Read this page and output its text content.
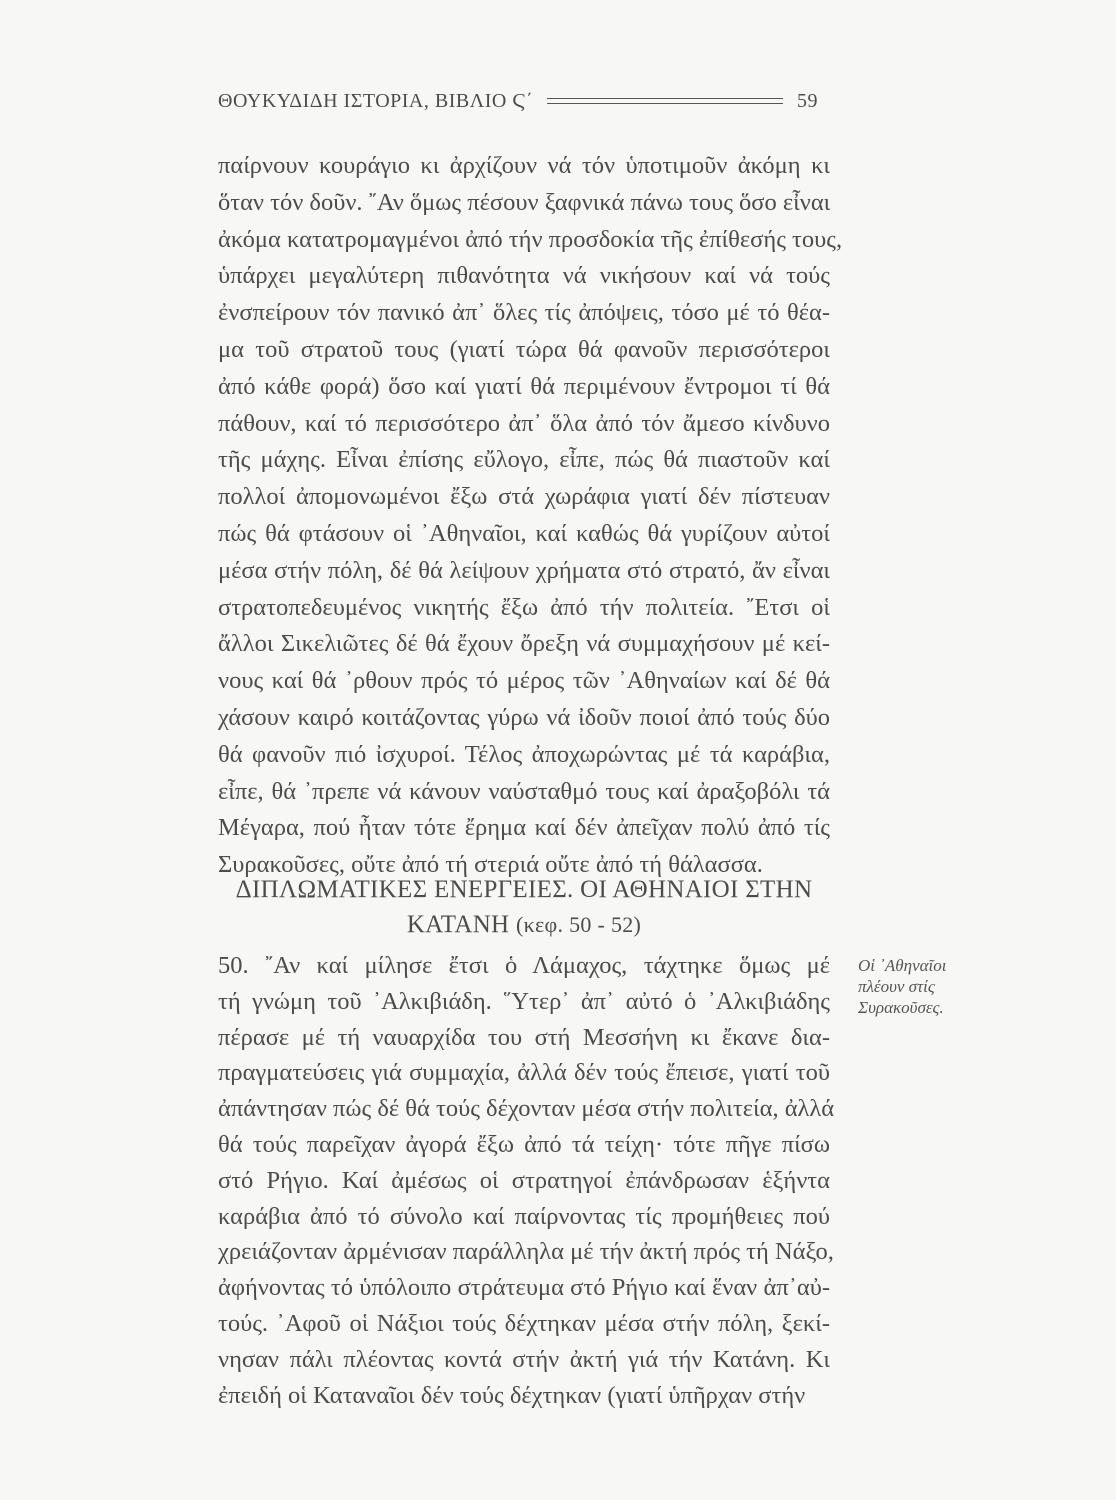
ΘΟΥΚΥΔΙΔΗ ΙΣΤΟΡΙΑ, ΒΙΒΛΙΟ Ϛ΄	59
παίρνουν κουράγιο κι ἀρχίζουν νά τόν ὑποτιμοῦν ἀκόμη κι
ὅταν τόν δοῦν. ῎Αν ὅμως πέσουν ξαφνικά πάνω τους ὅσο εἶναι
ἀκόμα κατατρομαγμένοι ἀπό τήν προσδοκία τῆς ἐπίθεσής τους,
ὑπάρχει μεγαλύτερη πιθανότητα νά νικήσουν καί νά τούς
ἐνσπείρουν τόν πανικό ἀπ᾿ ὅλες τίς ἀπόψεις, τόσο μέ τό θέα-
μα τοῦ στρατοῦ τους (γιατί τώρα θά φανοῦν περισσότεροι
ἀπό κάθε φορά) ὅσο καί γιατί θά περιμένουν ἔντρομοι τί θά
πάθουν, καί τό περισσότερο ἀπ᾿ ὅλα ἀπό τόν ἄμεσο κίνδυνο
τῆς μάχης. Εἶναι ἐπίσης εὔλογο, εἶπε, πώς θά πιαστοῦν καί
πολλοί ἀπομονωμένοι ἔξω στά χωράφια γιατί δέν πίστευαν
πώς θά φτάσουν οἱ ᾿Αθηναῖοι, καί καθώς θά γυρίζουν αὐτοί
μέσα στήν πόλη, δέ θά λείψουν χρήματα στό στρατό, ἄν εἶναι
στρατοπεδευμένος νικητής ἔξω ἀπό τήν πολιτεία. ῎Ετσι οἱ
ἄλλοι Σικελιῶτες δέ θά ἔχουν ὄρεξη νά συμμαχήσουν μέ κεί-
νους καί θά ᾿ρθουν πρός τό μέρος τῶν ᾿Αθηναίων καί δέ θά
χάσουν καιρό κοιτάζοντας γύρω νά ἰδοῦν ποιοί ἀπό τούς δύο
θά φανοῦν πιό ἰσχυροί. Τέλος ἀποχωρώντας μέ τά καράβια,
εἶπε, θά ᾿πρεπε νά κάνουν ναύσταθμό τους καί ἀραξοβόλι τά
Μέγαρα, πού ἦταν τότε ἔρημα καί δέν ἀπεῖχαν πολύ ἀπό τίς
Συρακοῦσες, οὔτε ἀπό τή στεριά οὔτε ἀπό τή θάλασσα.
ΔΙΠΛΩΜΑΤΙΚΕΣ ΕΝΕΡΓΕΙΕΣ. ΟΙ ΑΘΗΝΑΙΟΙ ΣΤΗΝ
ΚΑΤΑΝΗ (κεφ. 50 - 52)
50. ῎Αν καί μίλησε ἔτσι ὁ Λάμαχος, τάχτηκε ὅμως μέ
τή γνώμη τοῦ ᾿Αλκιβιάδη. ῞Υτερ᾿ ἀπ᾿ αὐτό ὁ ᾿Αλκιβιάδης
πέρασε μέ τή ναυαρχίδα του στή Μεσσήνη κι ἔκανε δια-
πραγματεύσεις γιά συμμαχία, ἀλλά δέν τούς ἔπεισε, γιατί τοῦ
ἀπάντησαν πώς δέ θά τούς δέχονταν μέσα στήν πολιτεία, ἀλλά
θά τούς παρεῖχαν ἀγορά ἔξω ἀπό τά τείχη· τότε πῆγε πίσω
στό Ρήγιο. Καί ἀμέσως οἱ στρατηγοί ἐπάνδρωσαν ἑξήντα
καράβια ἀπό τό σύνολο καί παίρνοντας τίς προμήθειες πού
χρειάζονταν ἀρμένισαν παράλληλα μέ τήν ἀκτή πρός τή Νάξο,
ἀφήνοντας τό ὑπόλοιπο στράτευμα στό Ρήγιο καί ἕναν ἀπ᾿αὐ-
τούς. ᾿Αφοῦ οἱ Νάξιοι τούς δέχτηκαν μέσα στήν πόλη, ξεκί-
νησαν πάλι πλέοντας κοντά στήν ἀκτή γιά τήν Κατάνη. Κι
ἐπειδή οἱ Καταναῖοι δέν τούς δέχτηκαν (γιατί ὑπῆρχαν στήν
Οἱ ᾿Αθηναῖοι
πλέουν στίς
Συρακοῦσες.
